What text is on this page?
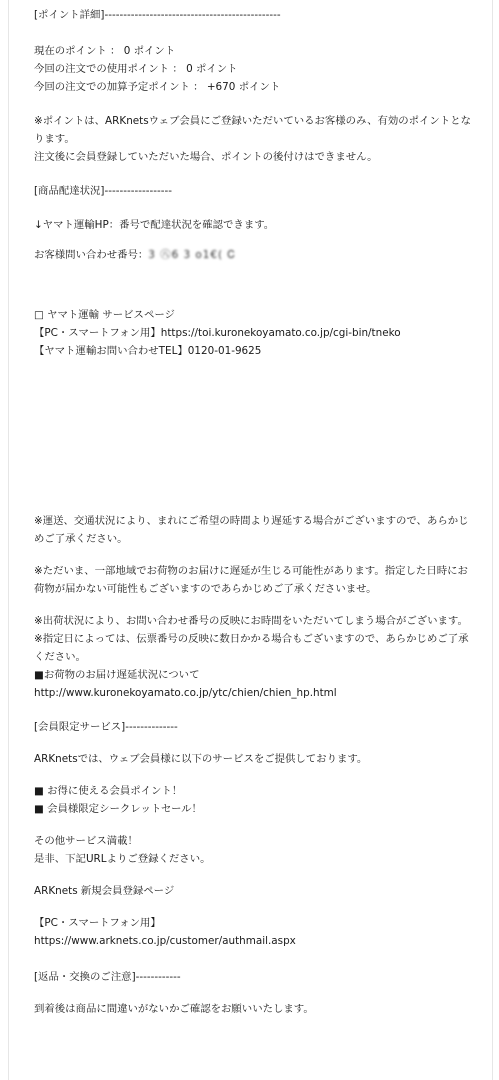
[ポイント詳細]-----------------------------------------------
現在のポイント ： 0 ポイント
今回の注文での使用ポイント ： 0 ポイント
今回の注文での加算予定ポイント ： +670 ポイント
※ポイントは、ARKnetsウェブ会員にご登録いただいているお客様のみ、有効のポイントとなります。
注文後に会員登録していただいた場合、ポイントの後付けはできません。
[商品配達状況]------------------
↓ヤマト運輸HP：番号で配達状況を確認できます。
お客様問い合わせ番号：3 ㊇6 3 o1€( Ꮯ
□ ヤマト運輸 サービスページ
【PC・スマートフォン用】https://toi.kuronekoyamato.co.jp/cgi-bin/tneko
【ヤマト運輸お問い合わせTEL】0120-01-9625
※運送、交通状況により、まれにご希望の時間より遅延する場合がございますので、あらかじめご了承ください。
※ただいま、一部地域でお荷物のお届けに遅延が生じる可能性があります。指定した日時にお荷物が届かない可能性もございますのであらかじめご了承くださいませ。
※出荷状況により、お問い合わせ番号の反映にお時間をいただいてしまう場合がございます。
※指定日によっては、伝票番号の反映に数日かかる場合もございますので、あらかじめご了承ください。
■お荷物のお届け遅延状況について
http://www.kuronekoyamato.co.jp/ytc/chien/chien_hp.html
[会員限定サービス]--------------
ARKnetsでは、ウェブ会員様に以下のサービスをご提供しております。
■ お得に使える会員ポイント！
■ 会員様限定シークレットセール！
その他サービス満載！
是非、下記URLよりご登録ください。
ARKnets 新規会員登録ページ
【PC・スマートフォン用】
https://www.arknets.co.jp/customer/authmail.aspx
[返品・交換のご注意]------------
到着後は商品に間違いがないかご確認をお願いいたします。
